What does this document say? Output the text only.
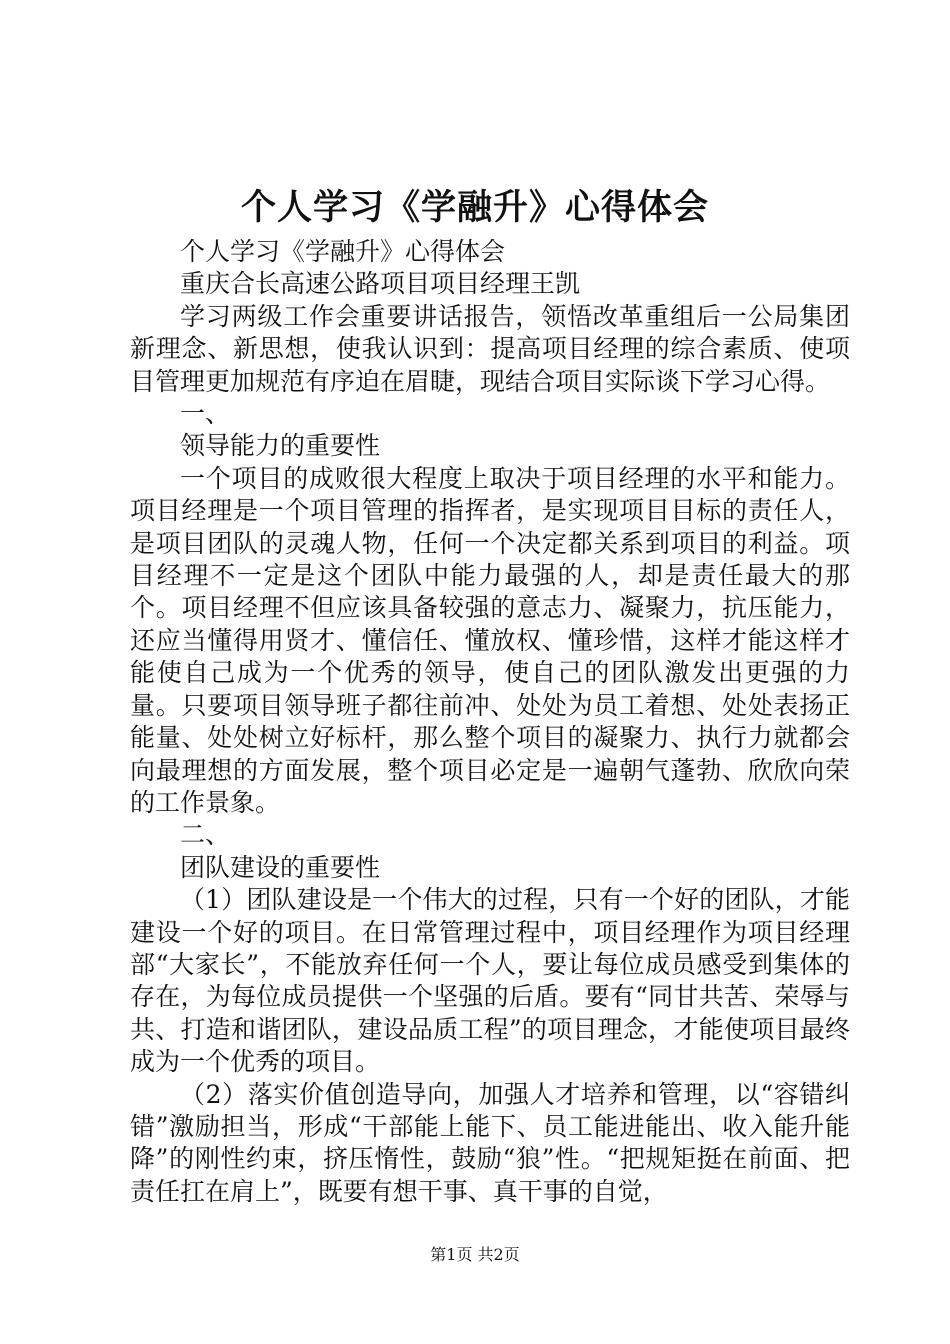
个人学习《学融升》心得体会

个人学习《学融升》心得体会

重庆合长高速公路项目项目经理王凯

学习两级工作会重要讲话报告，领悟改革重组后一公局集团新理念、新思想，使我认识到：提高项目经理的综合素质、使项目管理更加规范有序迫在眉睫，现结合项目实际谈下学习心得。

一、

领导能力的重要性

一个项目的成败很大程度上取决于项目经理的水平和能力。项目经理是一个项目管理的指挥者，是实现项目目标的责任人，是项目团队的灵魂人物，任何一个决定都关系到项目的利益。项目经理不一定是这个团队中能力最强的人，却是责任最大的那个。项目经理不但应该具备较强的意志力、凝聚力，抗压能力，还应当懂得用贤才、懂信任、懂放权、懂珍惜，这样才能这样才能使自己成为一个优秀的领导，使自己的团队激发出更强的力量。只要项目领导班子都往前冲、处处为员工着想、处处表扬正能量、处处树立好标杆，那么整个项目的凝聚力、执行力就都会向最理想的方面发展，整个项目必定是一遍朝气蓬勃、欣欣向荣的工作景象。

二、

团队建设的重要性

（1）团队建设是一个伟大的过程，只有一个好的团队，才能建设一个好的项目。在日常管理过程中，项目经理作为项目经理部“大家长”，不能放弃任何一个人，要让每位成员感受到集体的存在，为每位成员提供一个坚强的后盾。要有“同甘共苦、荣辱与共、打造和谐团队，建设品质工程”的项目理念，才能使项目最终成为一个优秀的项目。

（2）落实价值创造导向，加强人才培养和管理，以“容错纠错”激励担当，形成“干部能上能下、员工能进能出、收入能升能降”的刚性约束，挤压惰性，鼓励“狼”性。“把规矩挺在前面、把责任扛在肩上”，既要有想干事、真干事的自觉，

第1页 共2页
